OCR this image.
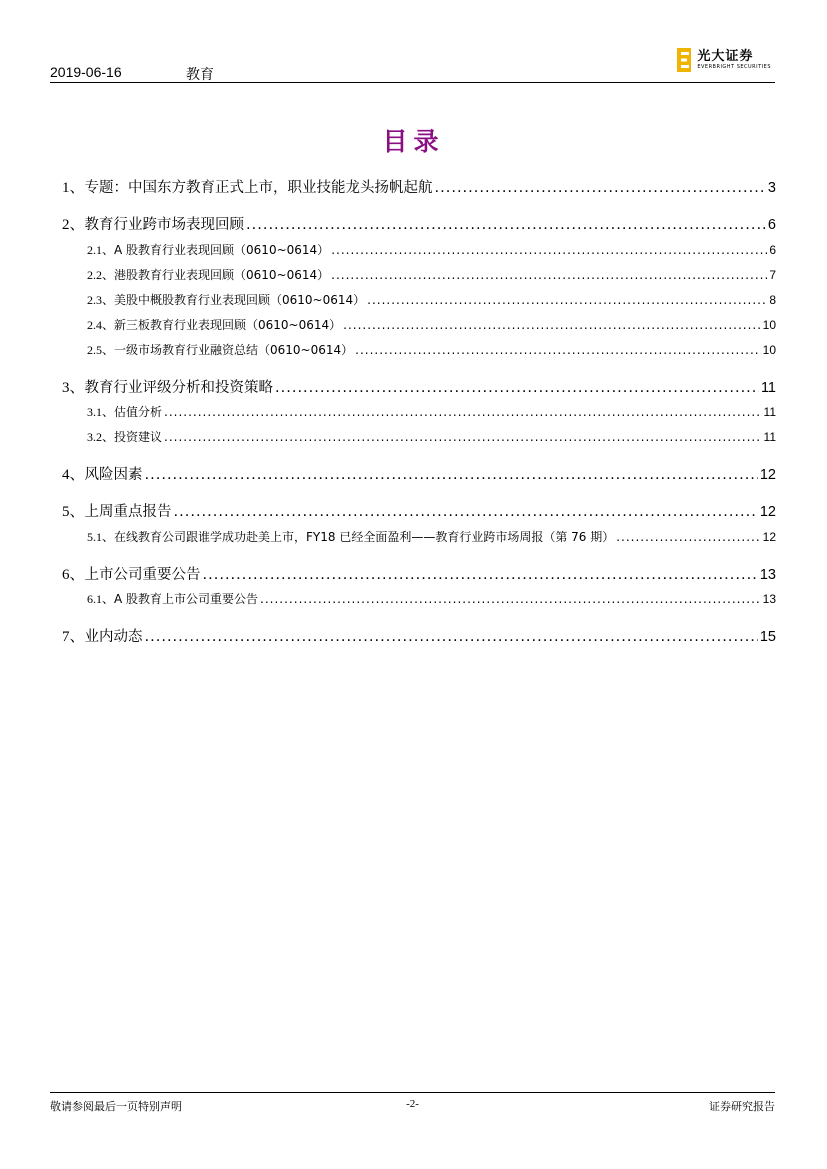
2019-06-16	教育
光大证券
EVERBRIGHT SECURITIES
目录
1、 专题：中国东方教育正式上市，职业技能龙头扬帆起航 .....	3
2、 教育行业跨市场表现回顾 .....	6
2.1、 A 股教育行业表现回顾（0610~0614） .....	6
2.2、 港股教育行业表现回顾（0610~0614） .....	7
2.3、 美股中概股教育行业表现回顾（0610~0614） .....	8
2.4、 新三板教育行业表现回顾（0610~0614） .....	10
2.5、 一级市场教育行业融资总结（0610~0614） .....	10
3、 教育行业评级分析和投资策略 .....	11
3.1、 估值分析 .....	11
3.2、 投资建议 .....	11
4、 风险因素 .....	12
5、 上周重点报告 .....	12
5.1、 在线教育公司跟谁学成功赴美上市，FY18 已经全面盈利——教育行业跨市场周报（第 76 期） .....	12
6、 上市公司重要公告 .....	13
6.1、 A 股教育上市公司重要公告 .....	13
7、 业内动态 .....	15
敬请参阅最后一页特别声明	-2-	证券研究报告
